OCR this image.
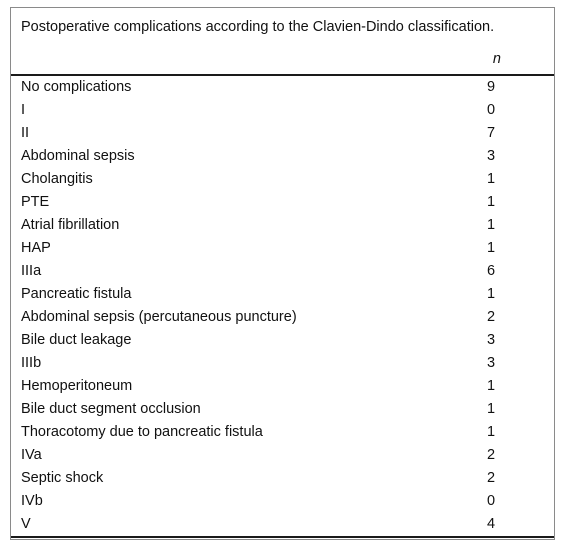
Postoperative complications according to the Clavien-Dindo classification.
n
No complications	9
I	0
II	7
Abdominal sepsis	3
Cholangitis	1
PTE	1
Atrial fibrillation	1
HAP	1
IIIa	6
Pancreatic fistula	1
Abdominal sepsis (percutaneous puncture)	2
Bile duct leakage	3
IIIb	3
Hemoperitoneum	1
Bile duct segment occlusion	1
Thoracotomy due to pancreatic fistula	1
IVa	2
Septic shock	2
IVb	0
V	4
